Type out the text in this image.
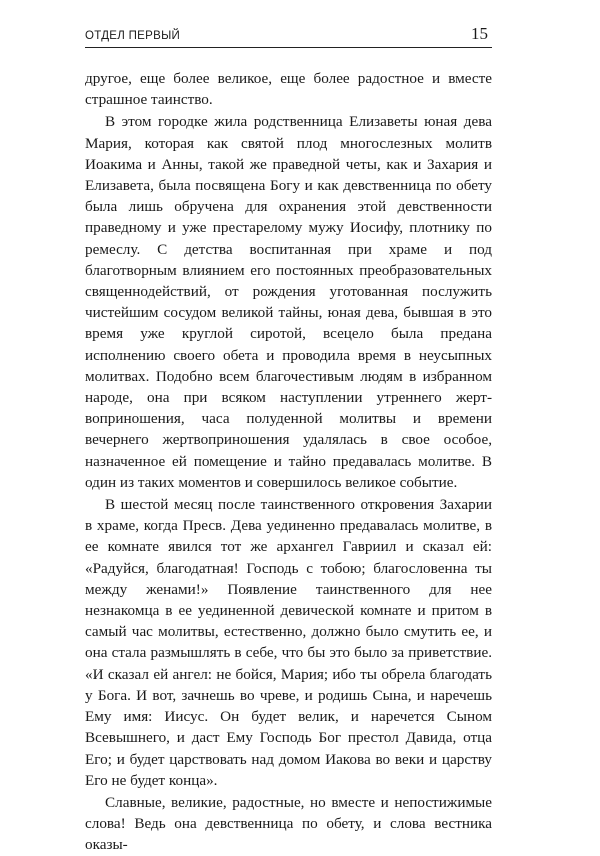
ОТДЕЛ ПЕРВЫЙ	15

другое, еще более великое, еще более радостное и вместе страшное таинство.

В этом городке жила родственница Елизаветы юная дева Мария, которая как святой плод многослезных молитв Иоакима и Анны, такой же праведной четы, как и Захария и Елизавета, была посвящена Богу и как девственница по обету была лишь обручена для охранения этой девственности праведному и уже престарелому мужу Иосифу, плотнику по ремеслу. С детства воспитанная при храме и под благотворным влиянием его постоянных преобразовательных священнодействий, от рождения уготованная послужить чистейшим сосудом великой тайны, юная дева, бывшая в это время уже круглой сиротой, всецело была предана исполнению своего обета и проводила время в неусыпных молитвах. Подобно всем благочестивым людям в избранном народе, она при всяком наступлении утреннего жертвоприношения, часа полуденной молитвы и времени вечернего жертвоприношения удалялась в свое особое, назначенное ей помещение и тайно предавалась молитве. В один из таких моментов и совершилось великое событие.

В шестой месяц после таинственного откровения Захарии в храме, когда Пресв. Дева уединенно предавалась молитве, в ее комнате явился тот же архангел Гавриил и сказал ей: «Радуйся, благодатная! Господь с тобою; благословенна ты между женами!» Появление таинственного для нее незнакомца в ее уединенной девической комнате и притом в самый час молитвы, естественно, должно было смутить ее, и она стала размышлять в себе, что бы это было за приветствие. «И сказал ей ангел: не бойся, Мария; ибо ты обрела благодать у Бога. И вот, зачнешь во чреве, и родишь Сына, и наречешь Ему имя: Иисус. Он будет велик, и наречется Сыном Всевышнего, и даст Ему Господь Бог престол Давида, отца Его; и будет царствовать над домом Иакова во веки и царству Его не будет конца».

Славные, великие, радостные, но вместе и непостижимые слова! Ведь она девственница по обету, и слова вестника оказы-
